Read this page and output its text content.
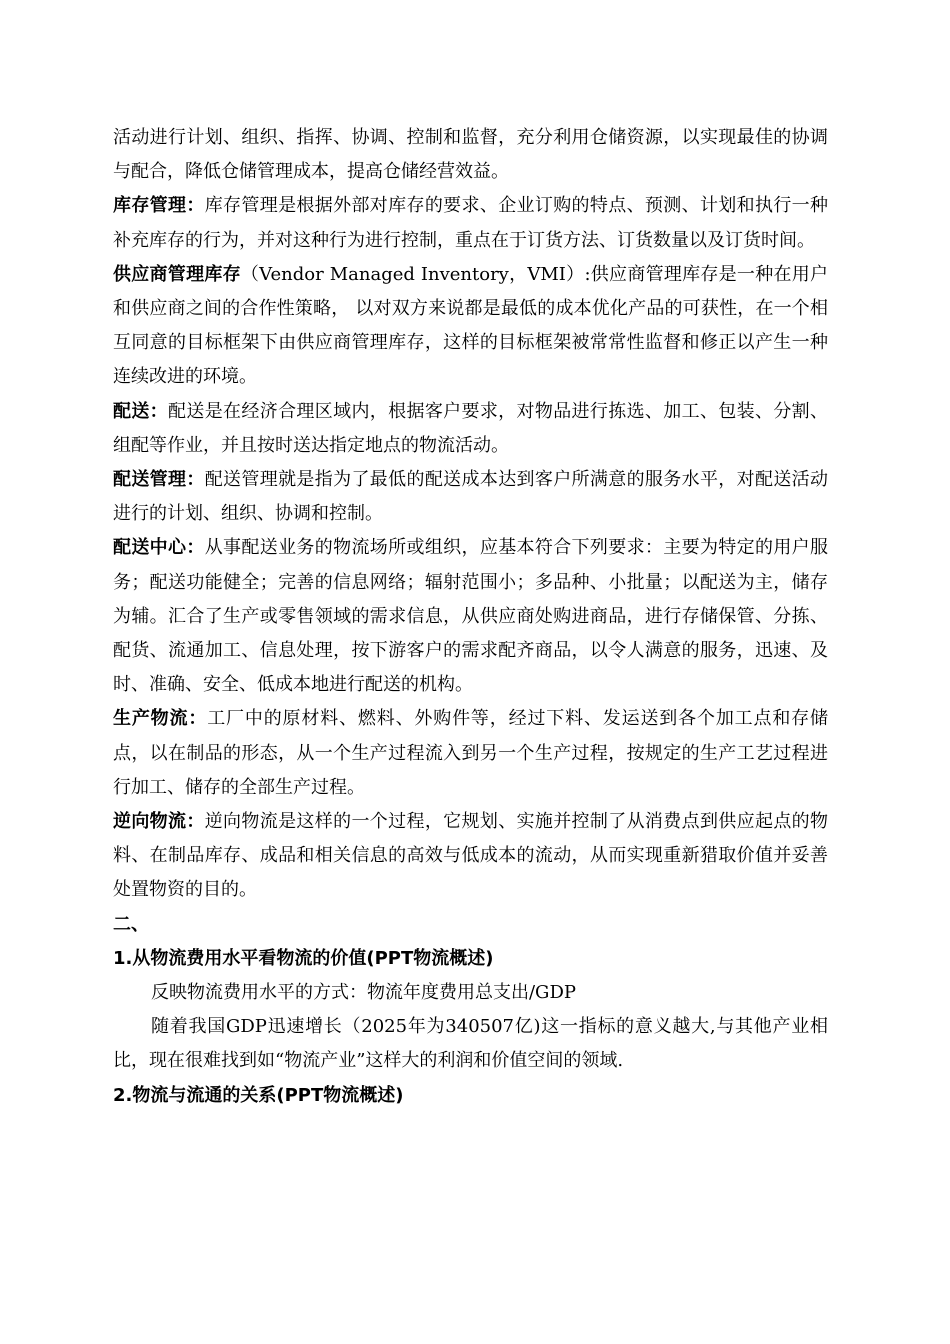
活动进行计划、组织、指挥、协调、控制和监督，充分利用仓储资源，以实现最佳的协调与配合，降低仓储管理成本，提高仓储经营效益。

库存管理：库存管理是根据外部对库存的要求、企业订购的特点、预测、计划和执行一种补充库存的行为，并对这种行为进行控制，重点在于订货方法、订货数量以及订货时间。

供应商管理库存（Vendor Managed Inventory，VMI）:供应商管理库存是一种在用户和供应商之间的合作性策略， 以对双方来说都是最低的成本优化产品的可获性，在一个相互同意的目标框架下由供应商管理库存，这样的目标框架被常常性监督和修正以产生一种连续改进的环境。

配送：配送是在经济合理区域内，根据客户要求，对物品进行拣选、加工、包装、分割、组配等作业，并且按时送达指定地点的物流活动。

配送管理：配送管理就是指为了最低的配送成本达到客户所满意的服务水平，对配送活动进行的计划、组织、协调和控制。

配送中心：从事配送业务的物流场所或组织，应基本符合下列要求：主要为特定的用户服务；配送功能健全；完善的信息网络；辐射范围小；多品种、小批量；以配送为主，储存为辅。汇合了生产或零售领域的需求信息，从供应商处购进商品，进行存储保管、分拣、配货、流通加工、信息处理，按下游客户的需求配齐商品，以令人满意的服务，迅速、及时、准确、安全、低成本地进行配送的机构。

生产物流：工厂中的原材料、燃料、外购件等，经过下料、发运送到各个加工点和存储点，以在制品的形态，从一个生产过程流入到另一个生产过程，按规定的生产工艺过程进行加工、储存的全部生产过程。

逆向物流：逆向物流是这样的一个过程，它规划、实施并控制了从消费点到供应起点的物料、在制品库存、成品和相关信息的高效与低成本的流动，从而实现重新猎取价值并妥善处置物资的目的。

二、

1.从物流费用水平看物流的价值(PPT物流概述)

反映物流费用水平的方式：物流年度费用总支出/GDP

随着我国GDP迅速增长（2025年为340507亿)这一指标的意义越大,与其他产业相比，现在很难找到如“物流产业”这样大的利润和价值空间的领域.

2.物流与流通的关系(PPT物流概述)
